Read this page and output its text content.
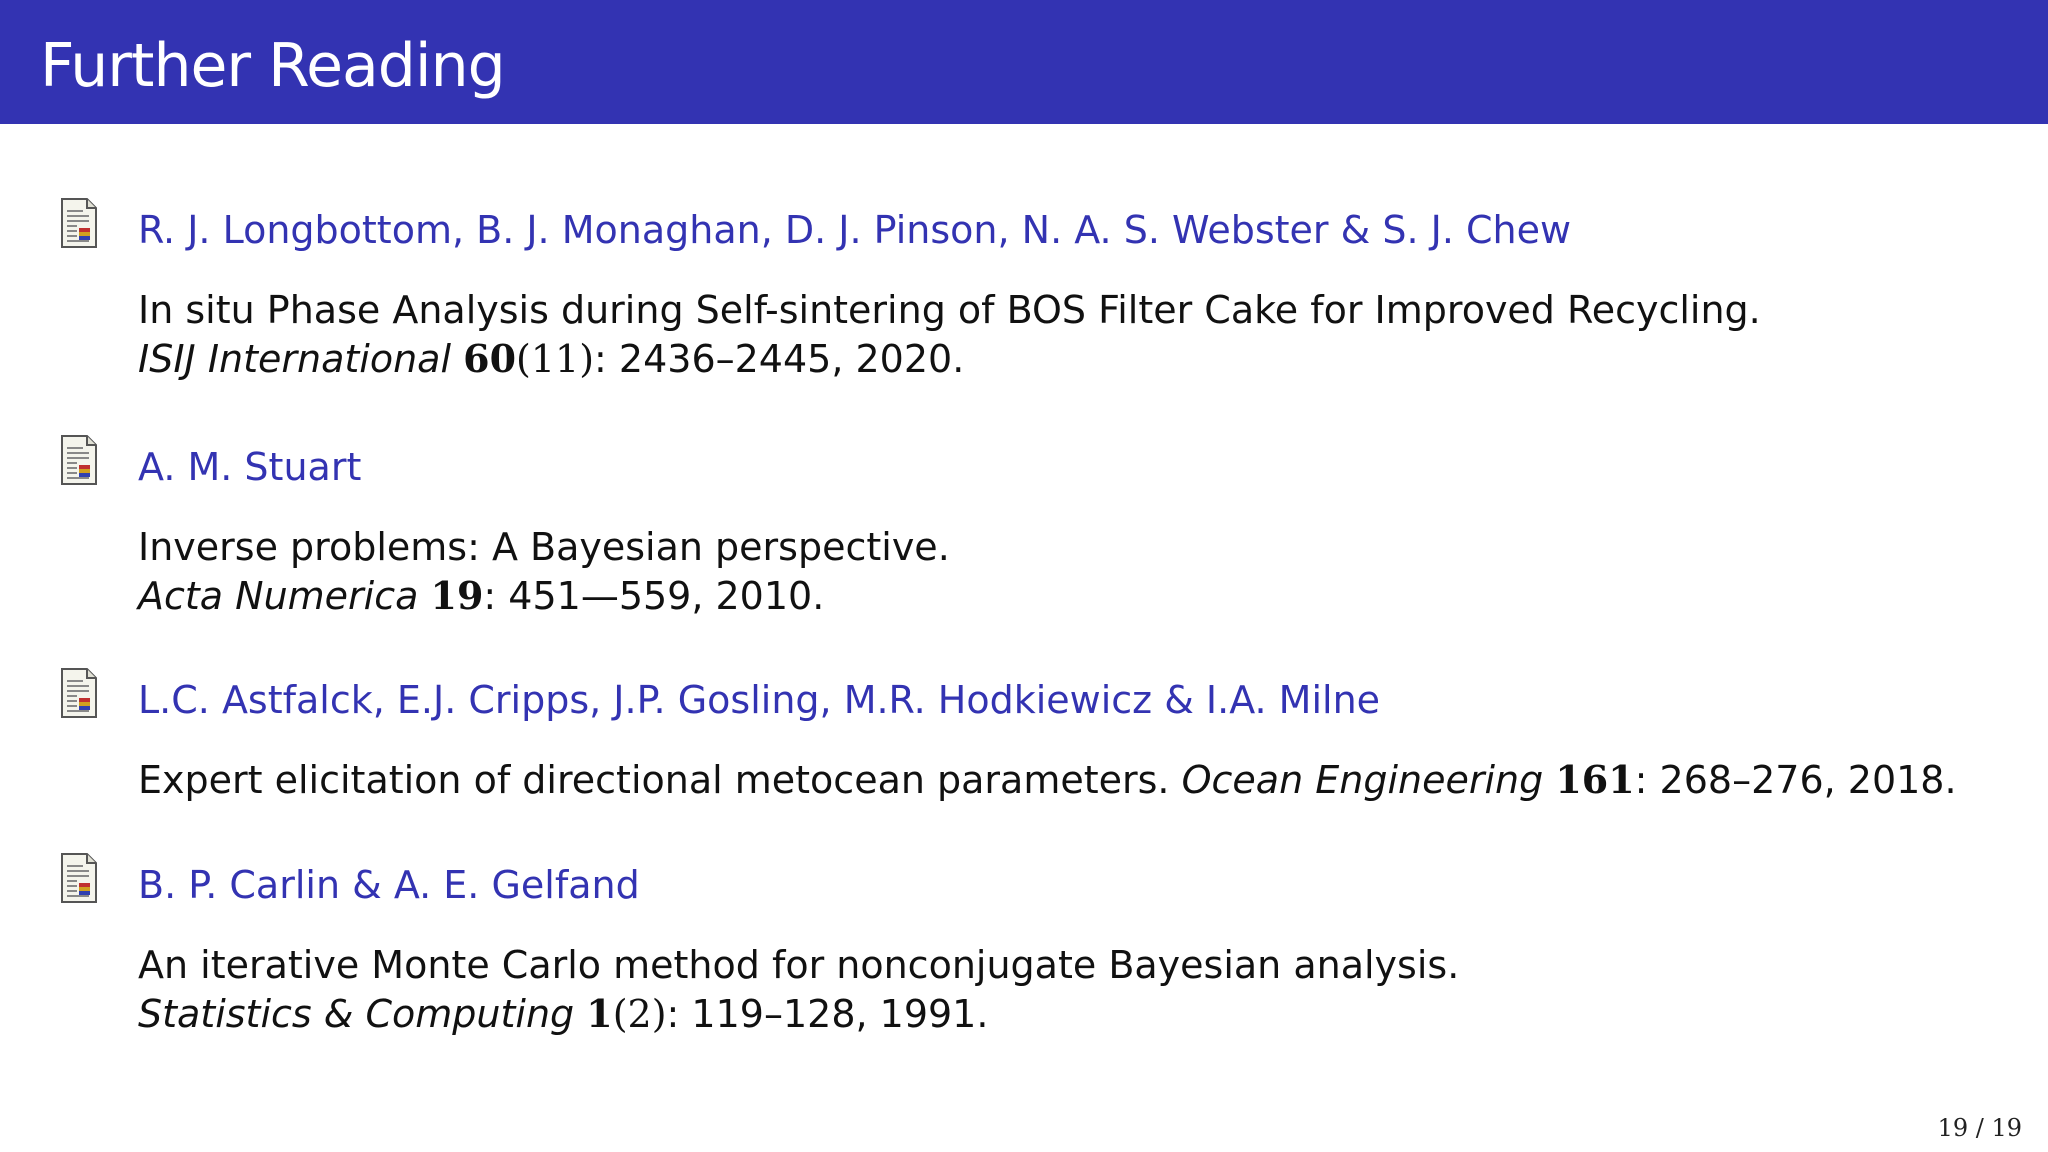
Further Reading
R. J. Longbottom, B. J. Monaghan, D. J. Pinson, N. A. S. Webster & S. J. Chew
In situ Phase Analysis during Self-sintering of BOS Filter Cake for Improved Recycling.
ISIJ International 60(11): 2436–2445, 2020.
A. M. Stuart
Inverse problems: A Bayesian perspective.
Acta Numerica 19: 451—559, 2010.
L.C. Astfalck, E.J. Cripps, J.P. Gosling, M.R. Hodkiewicz & I.A. Milne
Expert elicitation of directional metocean parameters. Ocean Engineering 161: 268–276, 2018.
B. P. Carlin & A. E. Gelfand
An iterative Monte Carlo method for nonconjugate Bayesian analysis.
Statistics & Computing 1(2): 119–128, 1991.
19 / 19
